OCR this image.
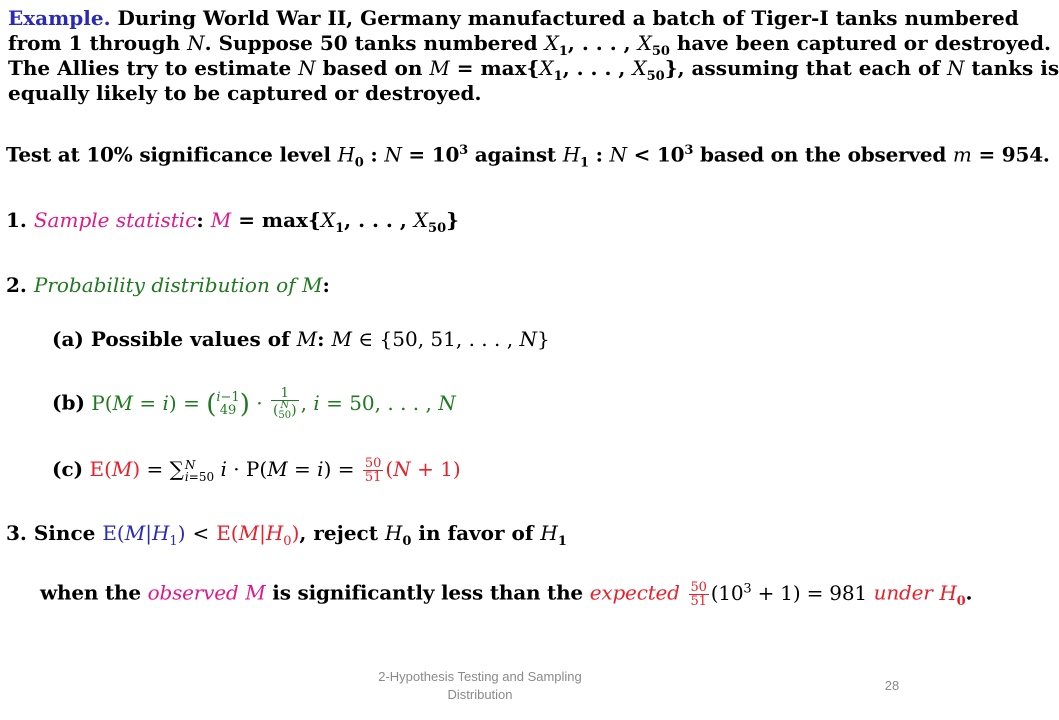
Example. During World War II, Germany manufactured a batch of Tiger-I tanks numbered
from 1 through N. Suppose 50 tanks numbered $X_1$, . . . , $X_{50}$ have been captured or destroyed.
The Allies try to estimate N based on $M = \max\{X_1$, . . . , $X_{50}$}, assuming that each of N tanks is
equally likely to be captured or destroyed.
Test at 10% significance level $H_0$ : $N = 10^3$ against $H_1$ : $N < 10^3$ based on the observed m = 954.
1. Sample statistic: $M = \max\{X_1$, . . . , $X_{50}$}
2. Probability distribution of M:
(a) Possible values of M: M ∈ {50, 51, . . . , N}
(b) P(M = i) = (i−1
49 ) · 1
( N
50) , i = 50, . . . , N
(c) E(M) = ∑N
i=50 $i \cdot P(M = i) = \frac{50}{51} (N + 1)$
3. Since $E(M|H_1) < E(M|H_0)$, reject $H_0$ in favor of $H_1$
when the observed M is significantly less than the expected $\frac{50}{51} (10^3 + 1) = 981$ under $H_0$.
2-Hypothesis Testing and Sampling
Distribution
28
